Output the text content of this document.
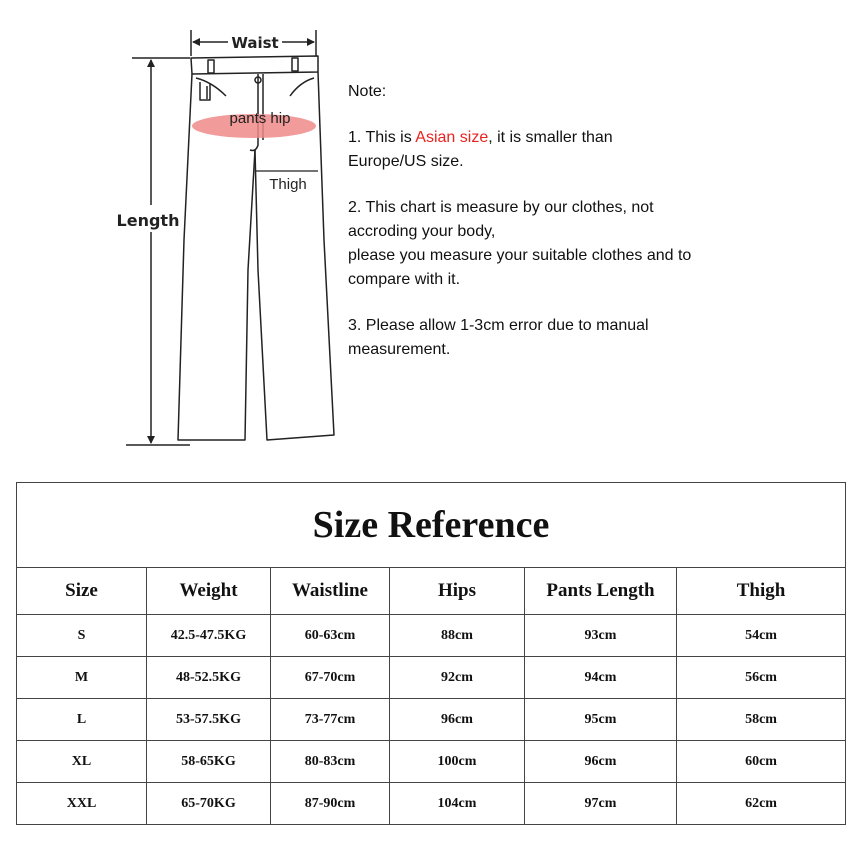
Waist
Length
pants hip
Thigh

Note:

1. This is Asian size, it is smaller than

Europe/US size.

2. This chart is measure by our clothes, not

accroding your body,

please you measure your suitable clothes and to

compare with it.

3. Please allow 1-3cm error due to manual

measurement.

Size Reference					
Size	Weight	Waistline	Hips	Pants Length	Thigh
S	42.5-47.5KG	60-63cm	88cm	93cm	54cm
M	48-52.5KG	67-70cm	92cm	94cm	56cm
L	53-57.5KG	73-77cm	96cm	95cm	58cm
XL	58-65KG	80-83cm	100cm	96cm	60cm
XXL	65-70KG	87-90cm	104cm	97cm	62cm
